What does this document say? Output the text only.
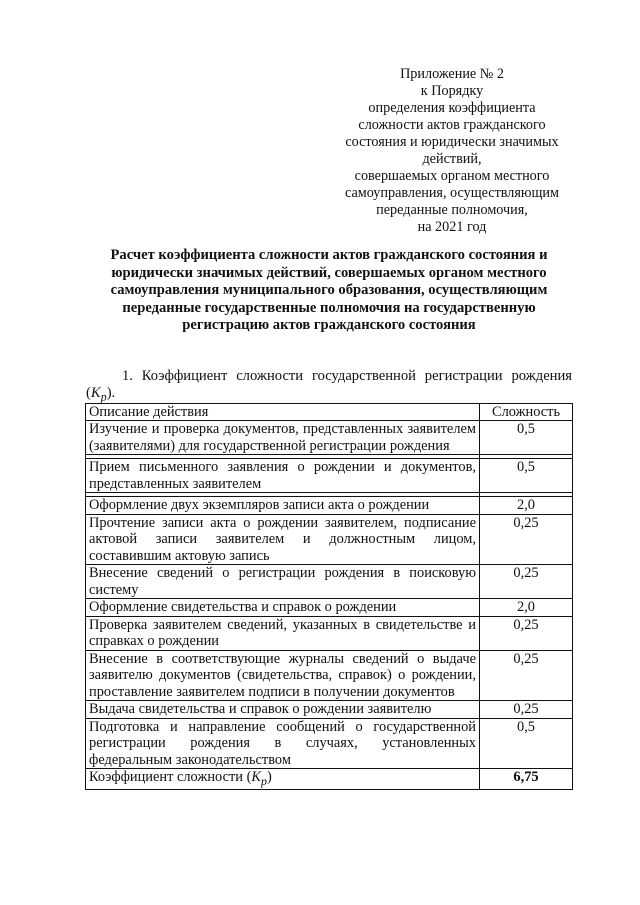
Приложение № 2
к Порядку
определения коэффициента
сложности актов гражданского
состояния и юридически значимых
действий,
совершаемых органом местного
самоуправления, осуществляющим
переданные полномочия,
на 2021 год
Расчет коэффициента сложности актов гражданского состояния и
юридически значимых действий, совершаемых органом местного
самоуправления муниципального образования, осуществляющим
переданные государственные полномочия на государственную
регистрацию актов гражданского состояния
1. Коэффициент сложности государственной регистрации рождения
$(K_р)$.
Описание действия	Сложность
Изучение и проверка документов, представленных заявителем (заявителями) для государственной регистрации рождения	0,5

Прием письменного заявления о рождении и документов, представленных заявителем	0,5

Оформление двух экземпляров записи акта о рождении	2,0
Прочтение записи акта о рождении заявителем, подписание актовой записи заявителем и должностным лицом, составившим актовую запись	0,25
Внесение сведений о регистрации рождения в поисковую систему	0,25
Оформление свидетельства и справок о рождении	2,0
Проверка заявителем сведений, указанных в свидетельстве и справках о рождении	0,25
Внесение в соответствующие журналы сведений о выдаче заявителю документов (свидетельства, справок) о рождении, проставление заявителем подписи в получении документов	0,25
Выдача свидетельства и справок о рождении заявителю	0,25
Подготовка и направление сообщений о государственной регистрации рождения в случаях, установленных федеральным законодательством	0,5
Коэффициент сложности $(K_р)$	6,75
